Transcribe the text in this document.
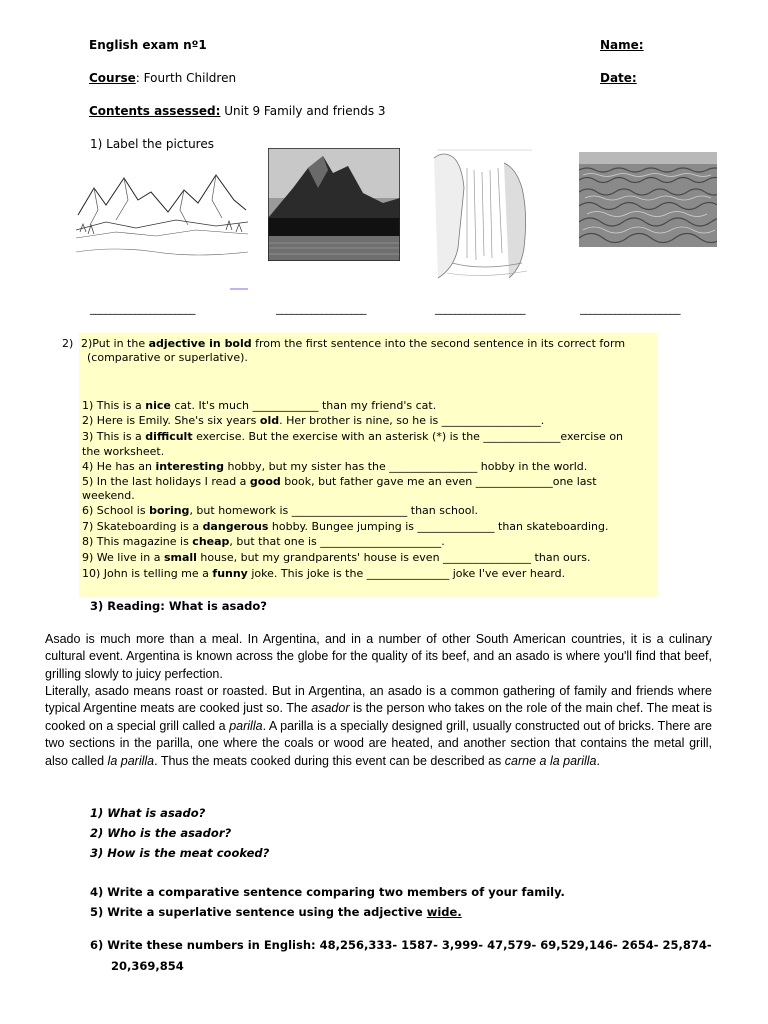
English exam nº1	Name:
Course: Fourth Children	Date:
Contents assessed: Unit 9 Family and friends 3
1) Label the pictures
_____________________	__________________	__________________	____________________
2) 2)Put in the adjective in bold from the first sentence into the second sentence in its correct form
(comparative or superlative).
1) This is a nice cat. It's much ____________ than my friend's cat.
2) Here is Emily. She's six years old. Her brother is nine, so he is __________________.
3) This is a difficult exercise. But the exercise with an asterisk (*) is the ______________exercise on
the worksheet.
4) He has an interesting hobby, but my sister has the ________________ hobby in the world.
5) In the last holidays I read a good book, but father gave me an even ______________one last
weekend.
6) School is boring, but homework is _____________________ than school.
7) Skateboarding is a dangerous hobby. Bungee jumping is ______________ than skateboarding.
8) This magazine is cheap, but that one is ______________________.
9) We live in a small house, but my grandparents' house is even ________________ than ours.
10) John is telling me a funny joke. This joke is the _______________ joke I've ever heard.
3) Reading: What is asado?
Asado is much more than a meal. In Argentina, and in a number of other South American countries, it is a culinary cultural event. Argentina is known across the globe for the quality of its beef, and an asado is where you'll find that beef, grilling slowly to juicy perfection.
Literally, asado means roast or roasted. But in Argentina, an asado is a common gathering of family and friends where typical Argentine meats are cooked just so. The asador is the person who takes on the role of the main chef. The meat is cooked on a special grill called a parilla. A parilla is a specially designed grill, usually constructed out of bricks. There are two sections in the parilla, one where the coals or wood are heated, and another section that contains the metal grill, also called la parilla. Thus the meats cooked during this event can be described as carne a la parilla.
1) What is asado?
2) Who is the asador?
3) How is the meat cooked?
4) Write a comparative sentence comparing two members of your family.
5) Write a superlative sentence using the adjective wide.
6) Write these numbers in English: 48,256,333- 1587- 3,999- 47,579- 69,529,146- 2654- 25,874-
20,369,854
